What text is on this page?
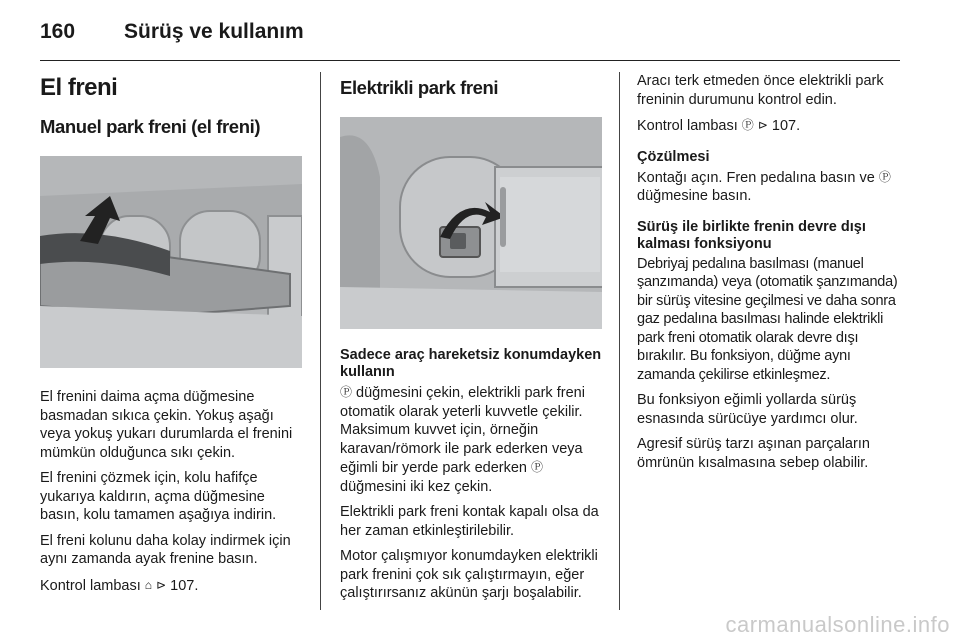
160 Sürüş ve kullanım
El freni
Manuel park freni (el freni)

El frenini daima açma düğmesine basmadan sıkıca çekin. Yokuş aşağı veya yokuş yukarı durumlarda el frenini mümkün olduğunca sıkı çekin.

El frenini çözmek için, kolu hafifçe yukarıya kaldırın, açma düğmesine basın, kolu tamamen aşağıya indirin.

El freni kolunu daha kolay indirmek için aynı zamanda ayak frenine basın.

Kontrol lambası ⌂ ⊳ 107.

Elektrikli park freni
Sadece araç hareketsiz konumdayken kullanın

Ⓟ düğmesini çekin, elektrikli park freni otomatik olarak yeterli kuvvetle çekilir. Maksimum kuvvet için, örneğin karavan/römork ile park ederken veya eğimli bir yerde park ederken Ⓟ düğmesini iki kez çekin.

Elektrikli park freni kontak kapalı olsa da her zaman etkinleştirilebilir.

Motor çalışmıyor konumdayken elektrikli park frenini çok sık çalıştırmayın, eğer çalıştırırsanız akünün şarjı boşalabilir.

Aracı terk etmeden önce elektrikli park freninin durumunu kontrol edin.

Kontrol lambası Ⓟ ⊳ 107.

Çözülmesi

Kontağı açın. Fren pedalına basın ve Ⓟ düğmesine basın.

Sürüş ile birlikte frenin devre dışı kalması fonksiyonu

Debriyaj pedalına basılması (manuel şanzımanda) veya (otomatik şanzımanda) bir sürüş vitesine geçilmesi ve daha sonra gaz pedalına basılması halinde elektrikli park freni otomatik olarak devre dışı bırakılır. Bu fonksiyon, düğme aynı zamanda çekilirse etkinleşmez.

Bu fonksiyon eğimli yollarda sürüş esnasında sürücüye yardımcı olur.

Agresif sürüş tarzı aşınan parçaların ömrünün kısalmasına sebep olabilir.

carmanualsonline.info
